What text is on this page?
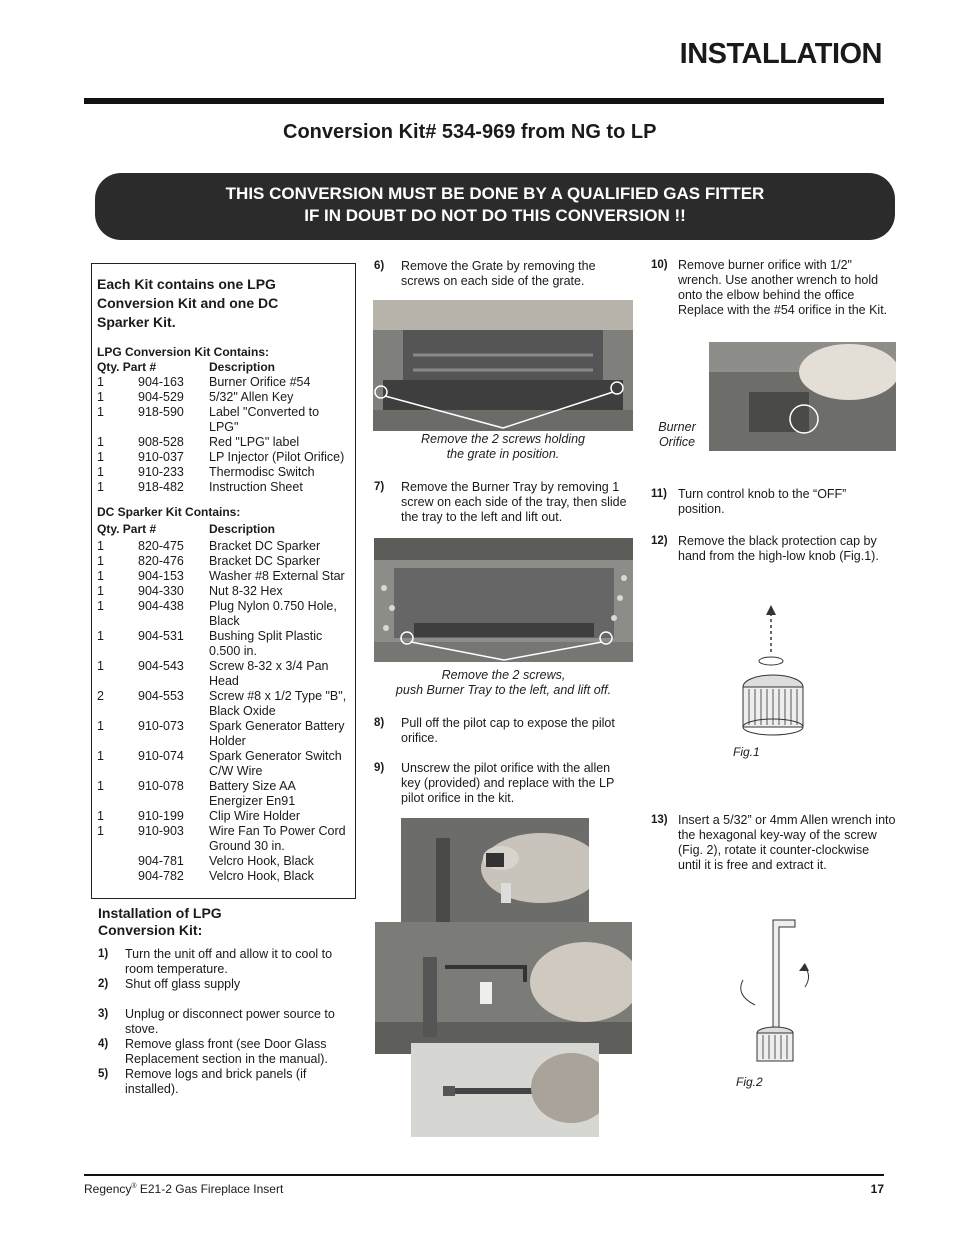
INSTALLATION
Conversion Kit# 534-969 from NG to LP
THIS CONVERSION MUST BE DONE BY A QUALIFIED GAS FITTER
IF IN DOUBT DO NOT DO THIS CONVERSION !!
Each Kit contains one LPG
Conversion Kit and one DC
Sparker Kit.
LPG Conversion Kit Contains:
Qty. Part #	Description
1	904-163 Burner Orifice #54
1	904-529 5/32" Allen Key
1	918-590 Label "Converted to
LPG"
1	908-528 Red "LPG" label
1	910-037 LP Injector (Pilot Orifice)
1	910-233 Thermodisc Switch
1	918-482 Instruction Sheet
DC Sparker Kit Contains:
Qty. Part #	Description
1	820-475 Bracket DC Sparker
1	820-476 Bracket DC Sparker
1	904-153 Washer #8 External Star
1	904-330 Nut 8-32 Hex
1	904-438 Plug Nylon 0.750 Hole,
Black
1	904-531 Bushing Split Plastic
0.500 in.
1	904-543 Screw 8-32 x 3/4 Pan
Head
2	904-553 Screw #8 x 1/2 Type "B",
Black Oxide
1	910-073 Spark Generator Battery
Holder
1	910-074 Spark Generator Switch
C/W Wire
1	910-078 Battery Size AA
Energizer En91
1	910-199 Clip Wire Holder
1	910-903 Wire Fan To Power Cord
Ground 30 in.
904-781 Velcro Hook, Black
904-782 Velcro Hook, Black
Installation of LPG
Conversion Kit:
1) Turn the unit off and allow it to cool to
room temperature.
2) Shut off glass supply
3) Unplug or disconnect power source to
stove.
4) Remove glass front (see Door Glass
Replacement section in the manual).
5) Remove logs and brick panels (if
installed).
6) Remove the Grate by removing the
screws on each side of the grate.
Remove the 2 screws holding
the grate in position.
7) Remove the Burner Tray by removing 1
screw on each side of the tray, then slide
the tray to the left and lift out.
Remove the 2 screws,
push Burner Tray to the left, and lift off.
8) Pull off the pilot cap to expose the pilot
orifice.
9) Unscrew the pilot orifice with the allen
key (provided) and replace with the LP
pilot orifice in the kit.
10) Remove burner orifice with 1/2"
wrench. Use another wrench to hold
onto the elbow behind the office
Replace with the #54 orifice in the Kit.
Burner
Orifice
11) Turn control knob to the “OFF”
position.
12) Remove the black protection cap by
hand from the high-low knob (Fig.1).
Fig.1
13) Insert a 5/32” or 4mm Allen wrench into
the hexagonal key-way of the screw
(Fig. 2), rotate it counter-clockwise
until it is free and extract it.
Fig.2
Regency® E21-2 Gas Fireplace Insert	17
